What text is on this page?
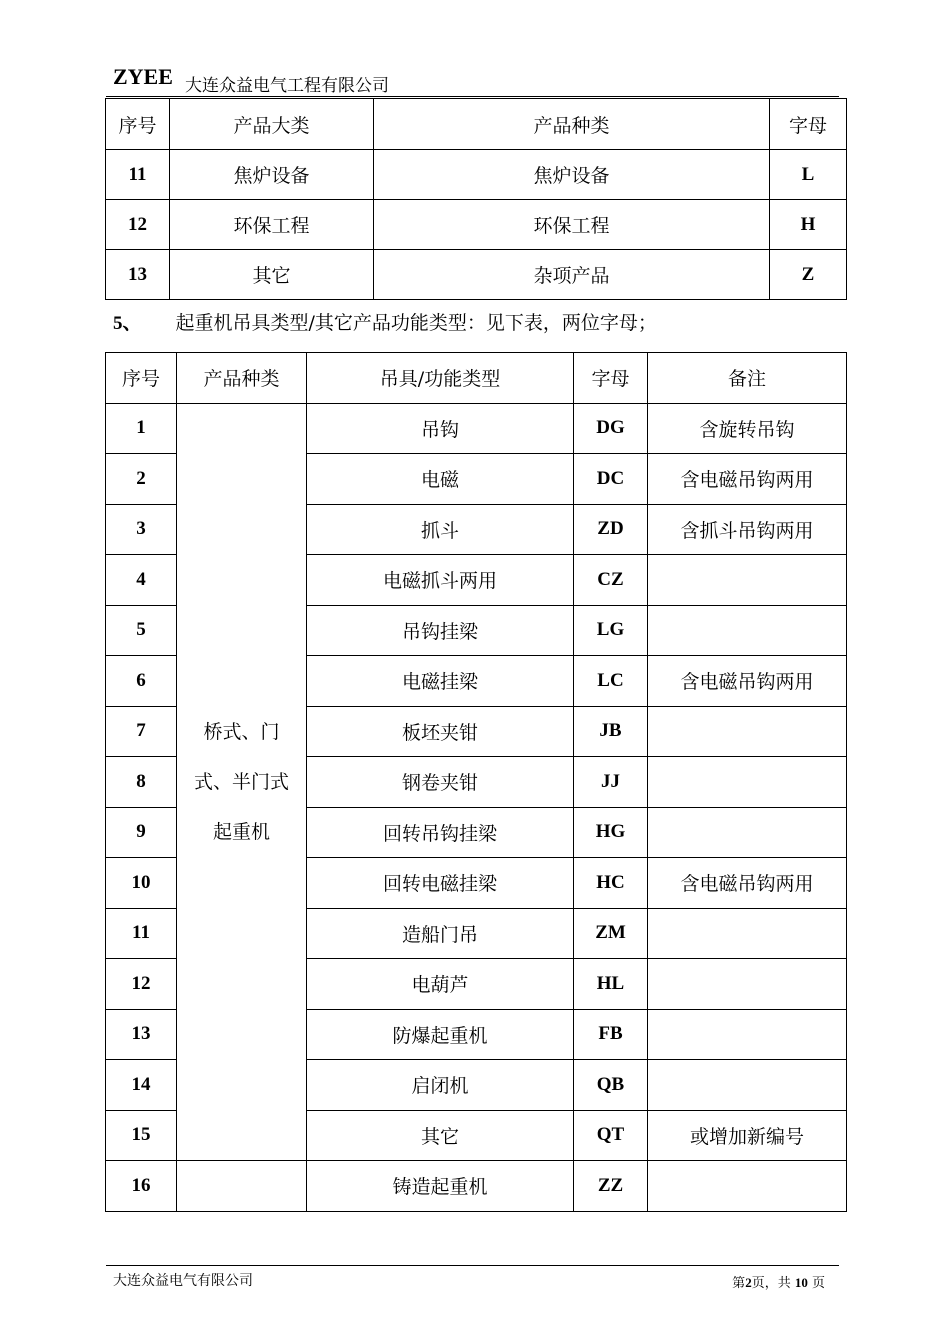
ZYEE 大连众益电气工程有限公司
序号	产品大类	产品种类	字母
11	焦炉设备	焦炉设备	L
12	环保工程	环保工程	H
13	其它	杂项产品	Z
5、 起重机吊具类型/其它产品功能类型：见下表，两位字母；
序号	产品种类	吊具/功能类型	字母	备注
1	桥式、门
式、半门式
起重机	吊钩	DG	含旋转吊钩
2		电磁	DC	含电磁吊钩两用
3		抓斗	ZD	含抓斗吊钩两用
4		电磁抓斗两用	CZ	
5		吊钩挂梁	LG	
6		电磁挂梁	LC	含电磁吊钩两用
7		板坯夹钳	JB	
8		钢卷夹钳	JJ	
9		回转吊钩挂梁	HG	
10		回转电磁挂梁	HC	含电磁吊钩两用
11		造船门吊	ZM	
12		电葫芦	HL	
13		防爆起重机	FB	
14		启闭机	QB	
15		其它	QT	或增加新编号
16		铸造起重机	ZZ	
大连众益电气有限公司	第2页，共 10 页
